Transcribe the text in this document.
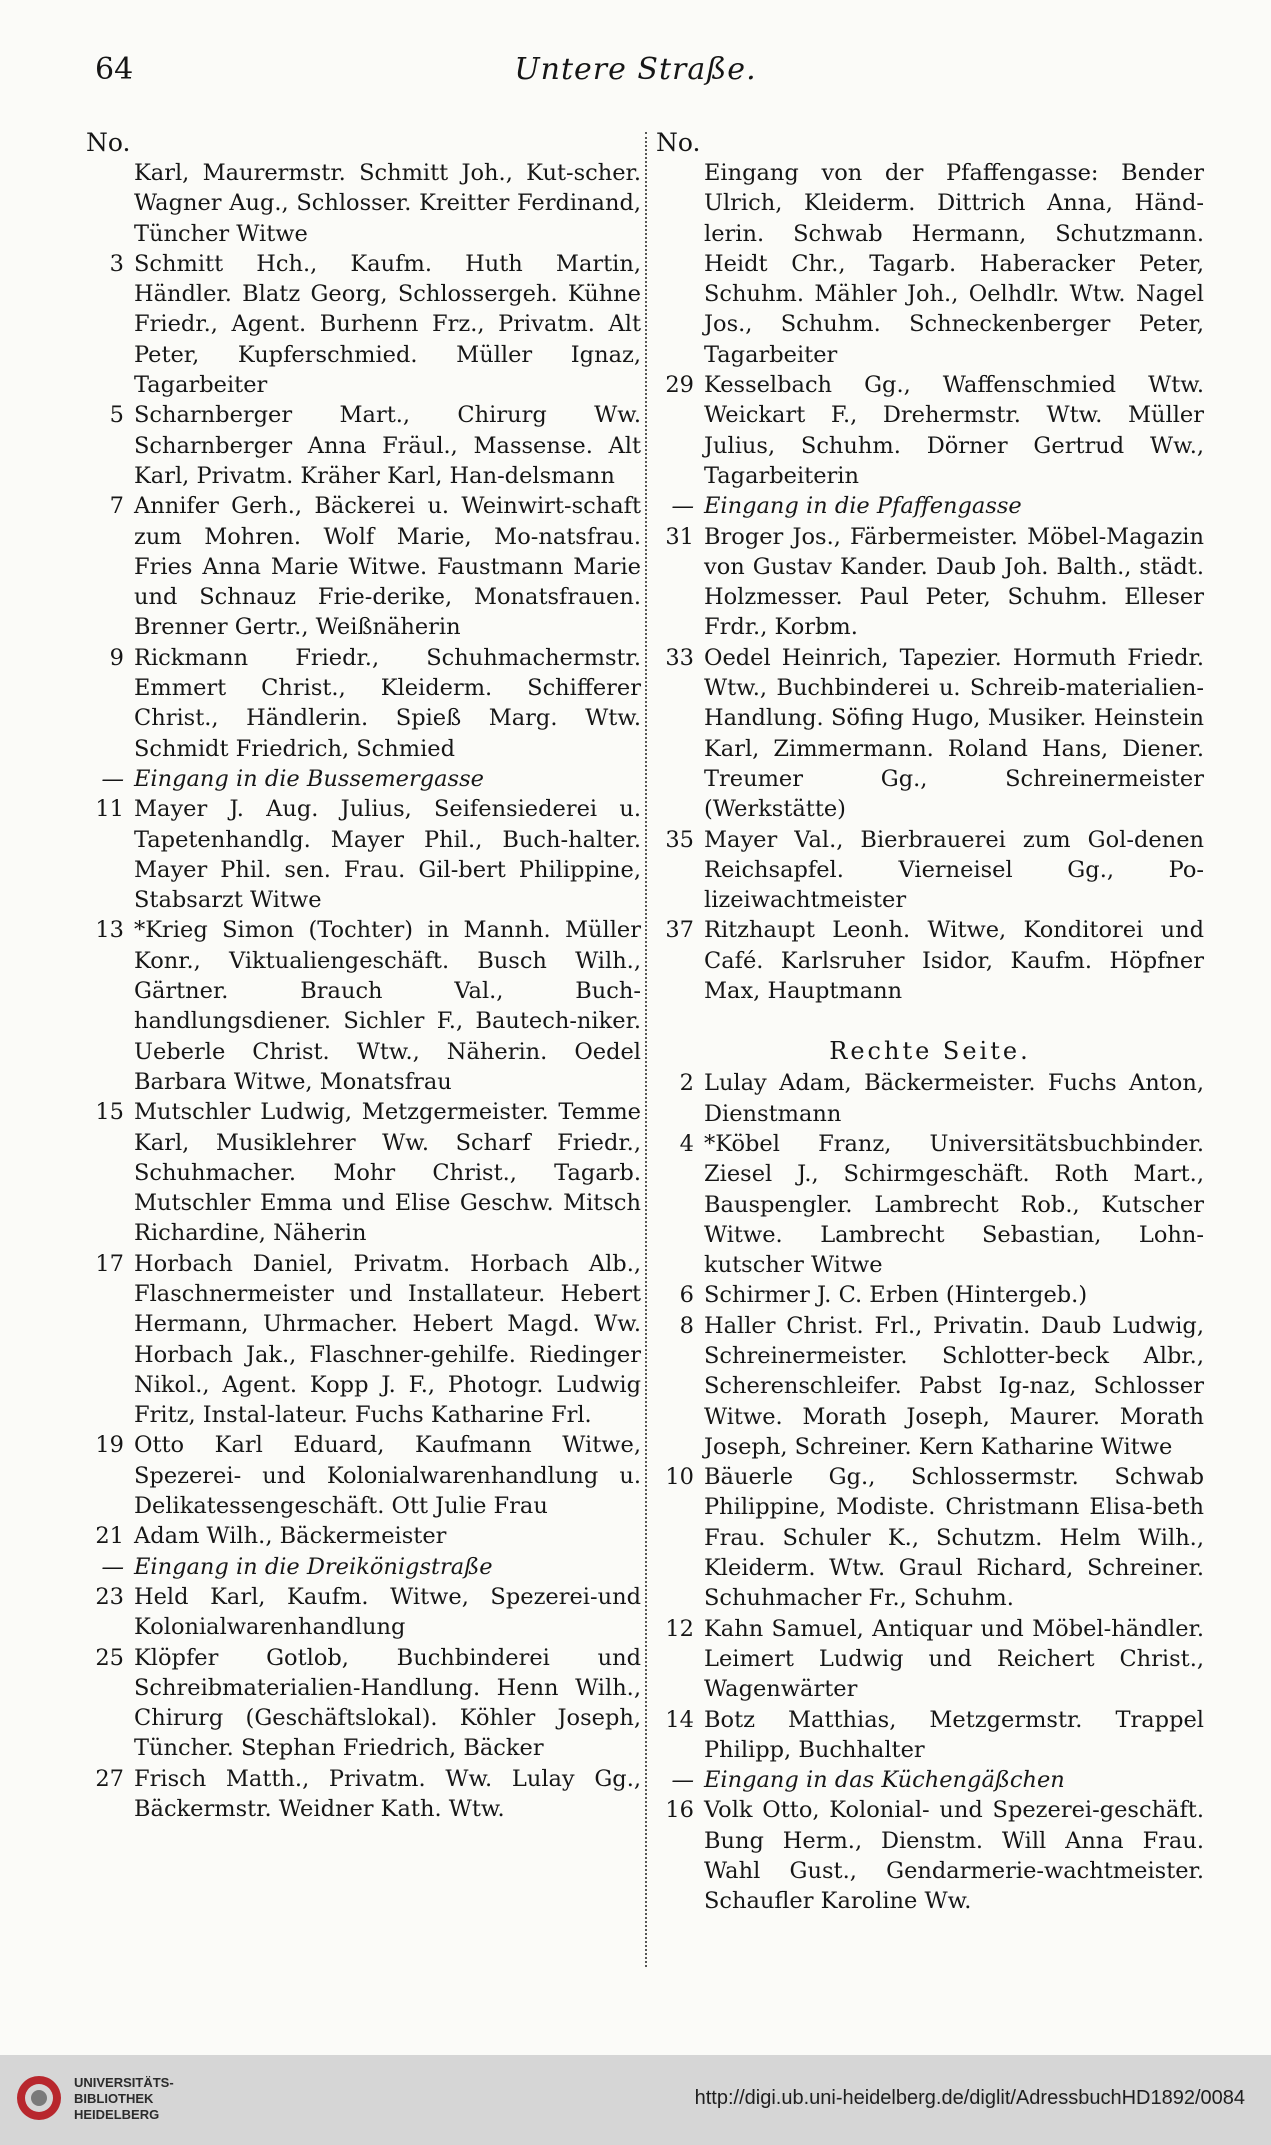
64	Untere Straße.
No.
Karl, Maurermstr. Schmitt Joh., Kut-scher. Wagner Aug., Schlosser. Kreitter Ferdinand, Tüncher Witwe
3 Schmitt Hch., Kaufm. Huth Martin, Händler. Blatz Georg, Schlossergeh. Kühne Friedr., Agent. Burhenn Frz., Privatm. Alt Peter, Kupferschmied. Müller Ignaz, Tagarbeiter
5 Scharnberger Mart., Chirurg Ww. Scharnberger Anna Fräul., Massense. Alt Karl, Privatm. Kräher Karl, Han-delsmann
7 Annifer Gerh., Bäckerei u. Weinwirt-schaft zum Mohren. Wolf Marie, Mo-natsfrau. Fries Anna Marie Witwe. Faustmann Marie und Schnauz Frie-derike, Monatsfrauen. Brenner Gertr., Weißnäherin
9 Rickmann Friedr., Schuhmachermstr. Emmert Christ., Kleiderm. Schifferer Christ., Händlerin. Spieß Marg. Wtw. Schmidt Friedrich, Schmied
— Eingang in die Bussemergasse
11 Mayer J. Aug. Julius, Seifensiederei u. Tapetenhandlg. Mayer Phil., Buch-halter. Mayer Phil. sen. Frau. Gil-bert Philippine, Stabsarzt Witwe
13 *Krieg Simon (Tochter) in Mannh. Müller Konr., Viktualiengeschäft. Busch Wilh., Gärtner. Brauch Val., Buch-handlungsdiener. Sichler F., Bautech-niker. Ueberle Christ. Wtw., Näherin. Oedel Barbara Witwe, Monatsfrau
15 Mutschler Ludwig, Metzgermeister. Temme Karl, Musiklehrer Ww. Scharf Friedr., Schuhmacher. Mohr Christ., Tagarb. Mutschler Emma und Elise Geschw. Mitsch Richardine, Näherin
17 Horbach Daniel, Privatm. Horbach Alb., Flaschnermeister und Installateur. Hebert Hermann, Uhrmacher. Hebert Magd. Ww. Horbach Jak., Flaschner-gehilfe. Riedinger Nikol., Agent. Kopp J. F., Photogr. Ludwig Fritz, Instal-lateur. Fuchs Katharine Frl.
19 Otto Karl Eduard, Kaufmann Witwe, Spezerei- und Kolonialwarenhandlung u. Delikatessengeschäft. Ott Julie Frau
21 Adam Wilh., Bäckermeister
— Eingang in die Dreikönigstraße
23 Held Karl, Kaufm. Witwe, Spezerei-und Kolonialwarenhandlung
25 Klöpfer Gotlob, Buchbinderei und Schreibmaterialien-Handlung. Henn Wilh., Chirurg (Geschäftslokal). Köhler Joseph, Tüncher. Stephan Friedrich, Bäcker
27 Frisch Matth., Privatm. Ww. Lulay Gg., Bäckermstr. Weidner Kath. Wtw.
No.
Eingang von der Pfaffengasse: Bender Ulrich, Kleiderm. Dittrich Anna, Händ-lerin. Schwab Hermann, Schutzmann. Heidt Chr., Tagarb. Haberacker Peter, Schuhm. Mähler Joh., Oelhdlr. Wtw. Nagel Jos., Schuhm. Schneckenberger Peter, Tagarbeiter
29 Kesselbach Gg., Waffenschmied Wtw. Weickart F., Drehermstr. Wtw. Müller Julius, Schuhm. Dörner Gertrud Ww., Tagarbeiterin
— Eingang in die Pfaffengasse
31 Broger Jos., Färbermeister. Möbel-Magazin von Gustav Kander. Daub Joh. Balth., städt. Holzmesser. Paul Peter, Schuhm. Elleser Frdr., Korbm.
33 Oedel Heinrich, Tapezier. Hormuth Friedr. Wtw., Buchbinderei u. Schreib-materialien-Handlung. Söfing Hugo, Musiker. Heinstein Karl, Zimmermann. Roland Hans, Diener. Treumer Gg., Schreinermeister (Werkstätte)
35 Mayer Val., Bierbrauerei zum Gol-denen Reichsapfel. Vierneisel Gg., Po-lizeiwachtmeister
37 Ritzhaupt Leonh. Witwe, Konditorei und Café. Karlsruher Isidor, Kaufm. Höpfner Max, Hauptmann
Rechte Seite.
2 Lulay Adam, Bäckermeister. Fuchs Anton, Dienstmann
4 *Köbel Franz, Universitätsbuchbinder. Ziesel J., Schirmgeschäft. Roth Mart., Bauspengler. Lambrecht Rob., Kutscher Witwe. Lambrecht Sebastian, Lohn-kutscher Witwe
6 Schirmer J. C. Erben (Hintergeb.)
8 Haller Christ. Frl., Privatin. Daub Ludwig, Schreinermeister. Schlotter-beck Albr., Scherenschleifer. Pabst Ig-naz, Schlosser Witwe. Morath Joseph, Maurer. Morath Joseph, Schreiner. Kern Katharine Witwe
10 Bäuerle Gg., Schlossermstr. Schwab Philippine, Modiste. Christmann Elisa-beth Frau. Schuler K., Schutzm. Helm Wilh., Kleiderm. Wtw. Graul Richard, Schreiner. Schuhmacher Fr., Schuhm.
12 Kahn Samuel, Antiquar und Möbel-händler. Leimert Ludwig und Reichert Christ., Wagenwärter
14 Botz Matthias, Metzgermstr. Trappel Philipp, Buchhalter
— Eingang in das Küchengäßchen
16 Volk Otto, Kolonial- und Spezerei-geschäft. Bung Herm., Dienstm. Will Anna Frau. Wahl Gust., Gendarmerie-wachtmeister. Schaufler Karoline Ww.
UNIVERSITÄTS-
BIBLIOTHEK
HEIDELBERG
http://digi.ub.uni-heidelberg.de/diglit/AdressbuchHD1892/0084
